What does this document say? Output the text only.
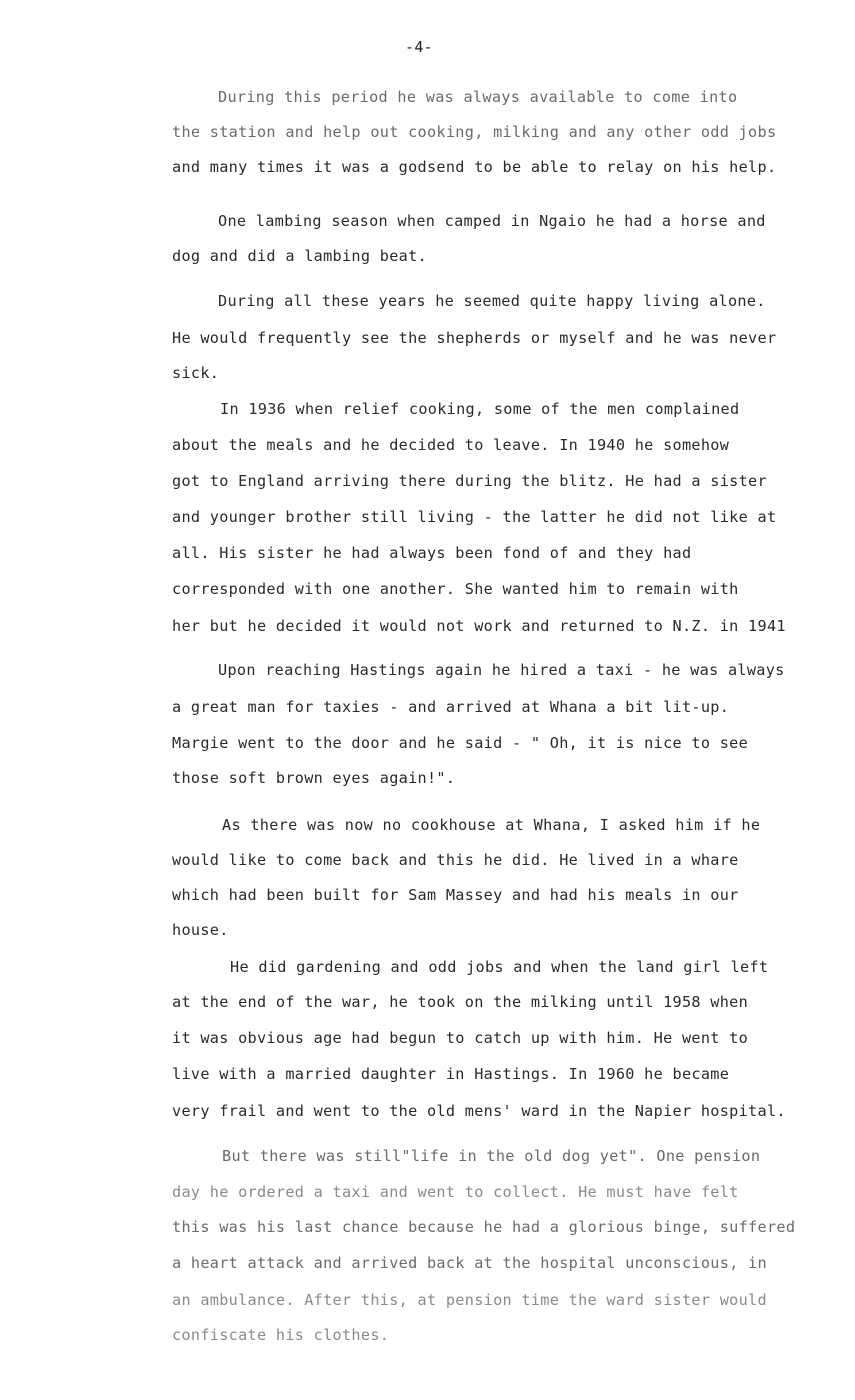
-4-
During this period he was always available to come into
the station and help out cooking, milking and any other odd jobs
and many times it was a godsend to be able to relay on his help.
One lambing season when camped in Ngaio he had a horse and
dog and did a lambing beat.
During all these years he seemed quite happy living alone.
He would frequently see the shepherds or myself and he was never
sick.
In 1936 when relief cooking, some of the men complained
about the meals and he decided to leave. In 1940 he somehow
got to England arriving there during the blitz. He had a sister
and younger brother still living - the latter he did not like at
all. His sister he had always been fond of and they had
corresponded with one another. She wanted him to remain with
her but he decided it would not work and returned to N.Z. in 1941
Upon reaching Hastings again he hired a taxi - he was always
a great man for taxies - and arrived at Whana a bit lit-up.
Margie went to the door and he said - " Oh, it is nice to see
those soft brown eyes again!".
As there was now no cookhouse at Whana, I asked him if he
would like to come back and this he did. He lived in a whare
which had been built for Sam Massey and had his meals in our
house.
He did gardening and odd jobs and when the land girl left
at the end of the war, he took on the milking until 1958 when
it was obvious age had begun to catch up with him. He went to
live with a married daughter in Hastings. In 1960 he became
very frail and went to the old mens' ward in the Napier hospital.
But there was still"life in the old dog yet". One pension
day he ordered a taxi and went to collect. He must have felt
this was his last chance because he had a glorious binge, suffered
a heart attack and arrived back at the hospital unconscious, in
an ambulance. After this, at pension time the ward sister would
confiscate his clothes.
